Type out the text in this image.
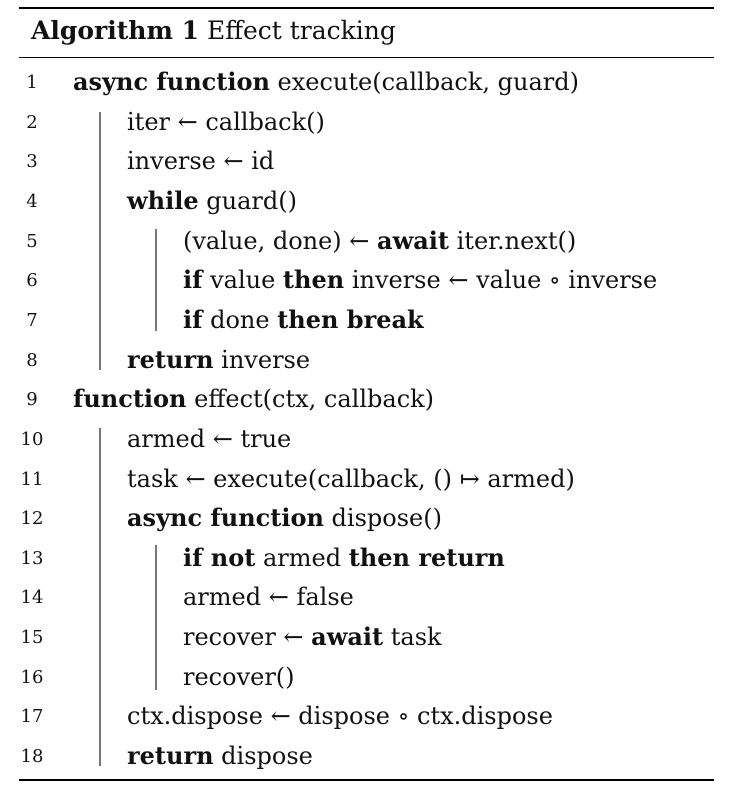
Algorithm 1 Effect tracking
1	async function execute(callback, guard)
2	iter ← callback()
3	inverse ← id
4	while guard()
5	(value, done) ← await iter.next()
6	if value then inverse ← value ∘ inverse
7	if done then break
8	return inverse
9	function effect(ctx, callback)
10	armed ← true
11	task ← execute(callback, () ↦ armed)
12	async function dispose()
13	if not armed then return
14	armed ← false
15	recover ← await task
16	recover()
17	ctx.dispose ← dispose ∘ ctx.dispose
18	return dispose
